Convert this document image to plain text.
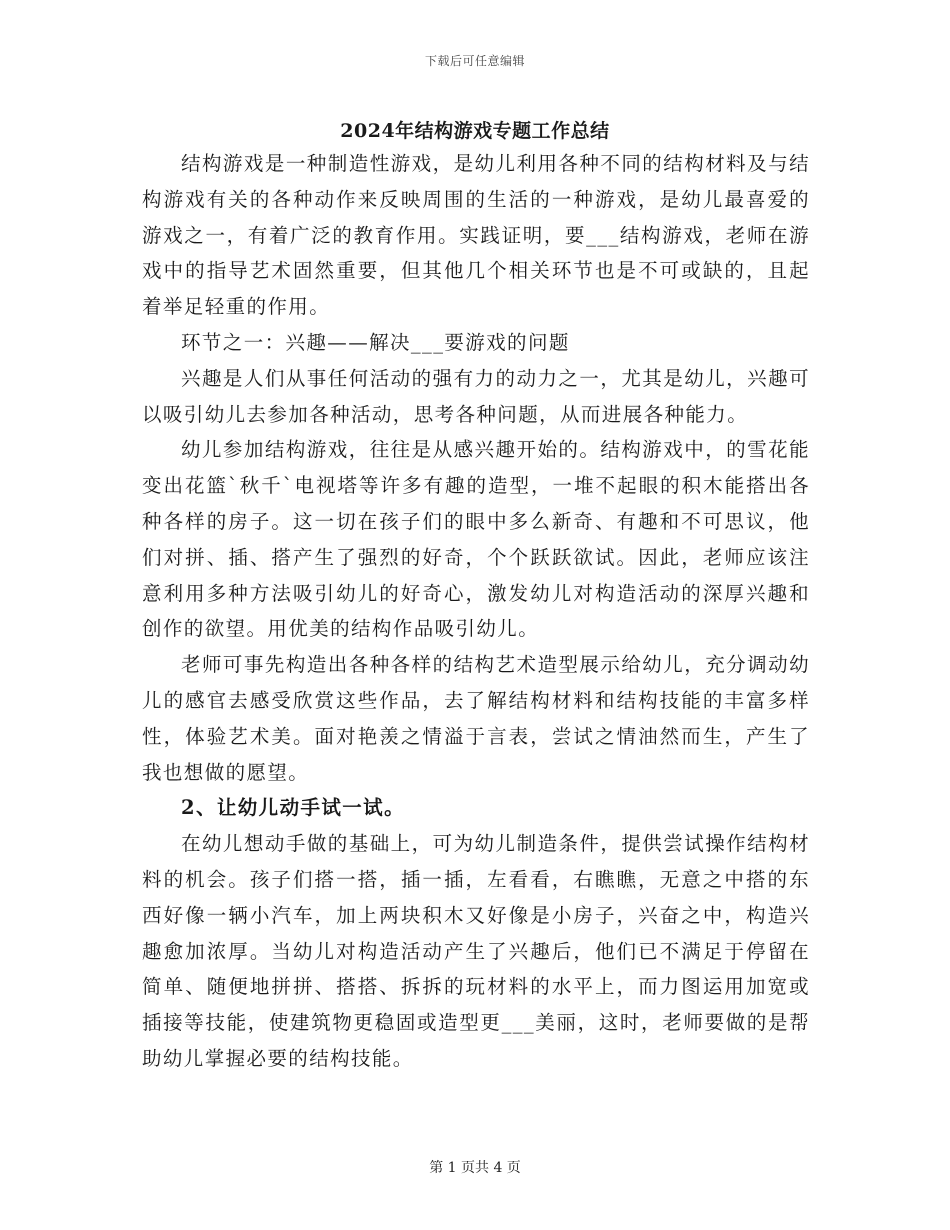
下载后可任意编辑
2024年结构游戏专题工作总结

结构游戏是一种制造性游戏，是幼儿利用各种不同的结构材料及与结构游戏有关的各种动作来反映周围的生活的一种游戏，是幼儿最喜爱的游戏之一，有着广泛的教育作用。实践证明，要___结构游戏，老师在游戏中的指导艺术固然重要，但其他几个相关环节也是不可或缺的，且起着举足轻重的作用。

环节之一：兴趣——解决___要游戏的问题

兴趣是人们从事任何活动的强有力的动力之一，尤其是幼儿，兴趣可以吸引幼儿去参加各种活动，思考各种问题，从而进展各种能力。

幼儿参加结构游戏，往往是从感兴趣开始的。结构游戏中，的雪花能变出花篮`秋千`电视塔等许多有趣的造型，一堆不起眼的积木能搭出各种各样的房子。这一切在孩子们的眼中多么新奇、有趣和不可思议，他们对拼、插、搭产生了强烈的好奇，个个跃跃欲试。因此，老师应该注意利用多种方法吸引幼儿的好奇心，激发幼儿对构造活动的深厚兴趣和创作的欲望。用优美的结构作品吸引幼儿。

老师可事先构造出各种各样的结构艺术造型展示给幼儿，充分调动幼儿的感官去感受欣赏这些作品，去了解结构材料和结构技能的丰富多样性，体验艺术美。面对艳羡之情溢于言表，尝试之情油然而生，产生了我也想做的愿望。

2、让幼儿动手试一试。

在幼儿想动手做的基础上，可为幼儿制造条件，提供尝试操作结构材料的机会。孩子们搭一搭，插一插，左看看，右瞧瞧，无意之中搭的东西好像一辆小汽车，加上两块积木又好像是小房子，兴奋之中，构造兴趣愈加浓厚。当幼儿对构造活动产生了兴趣后，他们已不满足于停留在简单、随便地拼拼、搭搭、拆拆的玩材料的水平上，而力图运用加宽或插接等技能，使建筑物更稳固或造型更___美丽，这时，老师要做的是帮助幼儿掌握必要的结构技能。

第 1 页共 4 页
